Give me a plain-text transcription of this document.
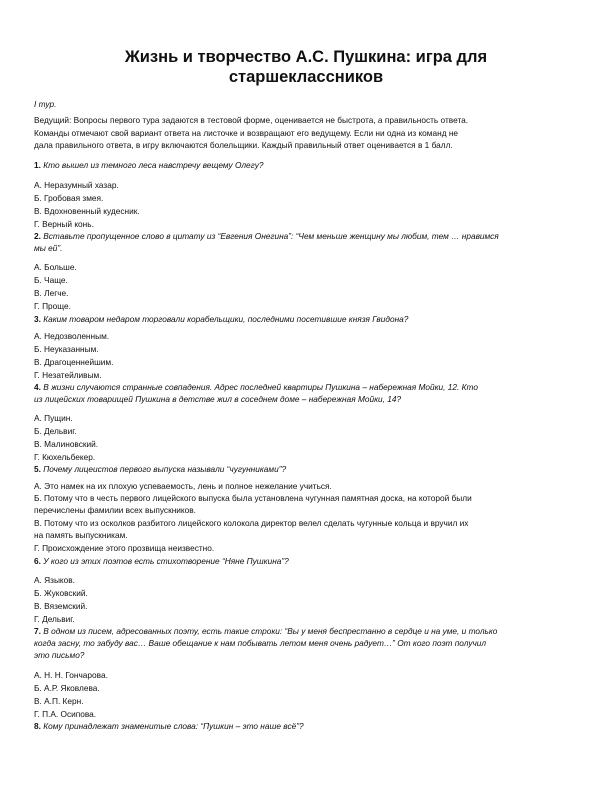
Жизнь и творчество А.С. Пушкина: игра для
старшеклассников
I тур.
Ведущий: Вопросы первого тура задаются в тестовой форме, оценивается не быстрота, а правильность ответа.
Команды отмечают свой вариант ответа на листочке и возвращают его ведущему. Если ни одна из команд не
дала правильного ответа, в игру включаются болельщики. Каждый правильный ответ оценивается в 1 балл.
1. Кто вышел из темного леса навстречу вещему Олегу?
А. Неразумный хазар.
Б. Гробовая змея.
В. Вдохновенный кудесник.
Г. Верный конь.
2. Вставьте пропущенное слово в цитату из “Евгения Онегина”: “Чем меньше женщину мы любим, тем … нравимся
мы ей”.
А. Больше.
Б. Чаще.
В. Легче.
Г. Проще.
3. Каким товаром недаром торговали корабельщики, последними посетившие князя Гвидона?
А. Недозволенным.
Б. Неуказанным.
В. Драгоценнейшим.
Г. Незатейливым.
4. В жизни случаются странные совпадения. Адрес последней квартиры Пушкина – набережная Мойки, 12. Кто
из лицейских товарищей Пушкина в детстве жил в соседнем доме – набережная Мойки, 14?
А. Пущин.
Б. Дельвиг.
В. Малиновский.
Г. Кюхельбекер.
5. Почему лицеистов первого выпуска называли “чугунниками”?
А. Это намек на их плохую успеваемость, лень и полное нежелание учиться.
Б. Потому что в честь первого лицейского выпуска была установлена чугунная памятная доска, на которой были
перечислены фамилии всех выпускников.
В. Потому что из осколков разбитого лицейского колокола директор велел сделать чугунные кольца и вручил их
на память выпускникам.
Г. Происхождение этого прозвища неизвестно.
6. У кого из этих поэтов есть стихотворение “Няне Пушкина”?
А. Языков.
Б. Жуковский.
В. Вяземский.
Г. Дельвиг.
7. В одном из писем, адресованных поэту, есть такие строки: “Вы у меня беспрестанно в сердце и на уме, и только
когда засну, то забуду вас… Ваше обещание к нам побывать летом меня очень радует…” От кого поэт получил
это письмо?
А. Н. Н. Гончарова.
Б. А.Р. Яковлева.
В. А.П. Керн.
Г. П.А. Осипова.
8. Кому принадлежат знаменитые слова: “Пушкин – это наше всё”?
